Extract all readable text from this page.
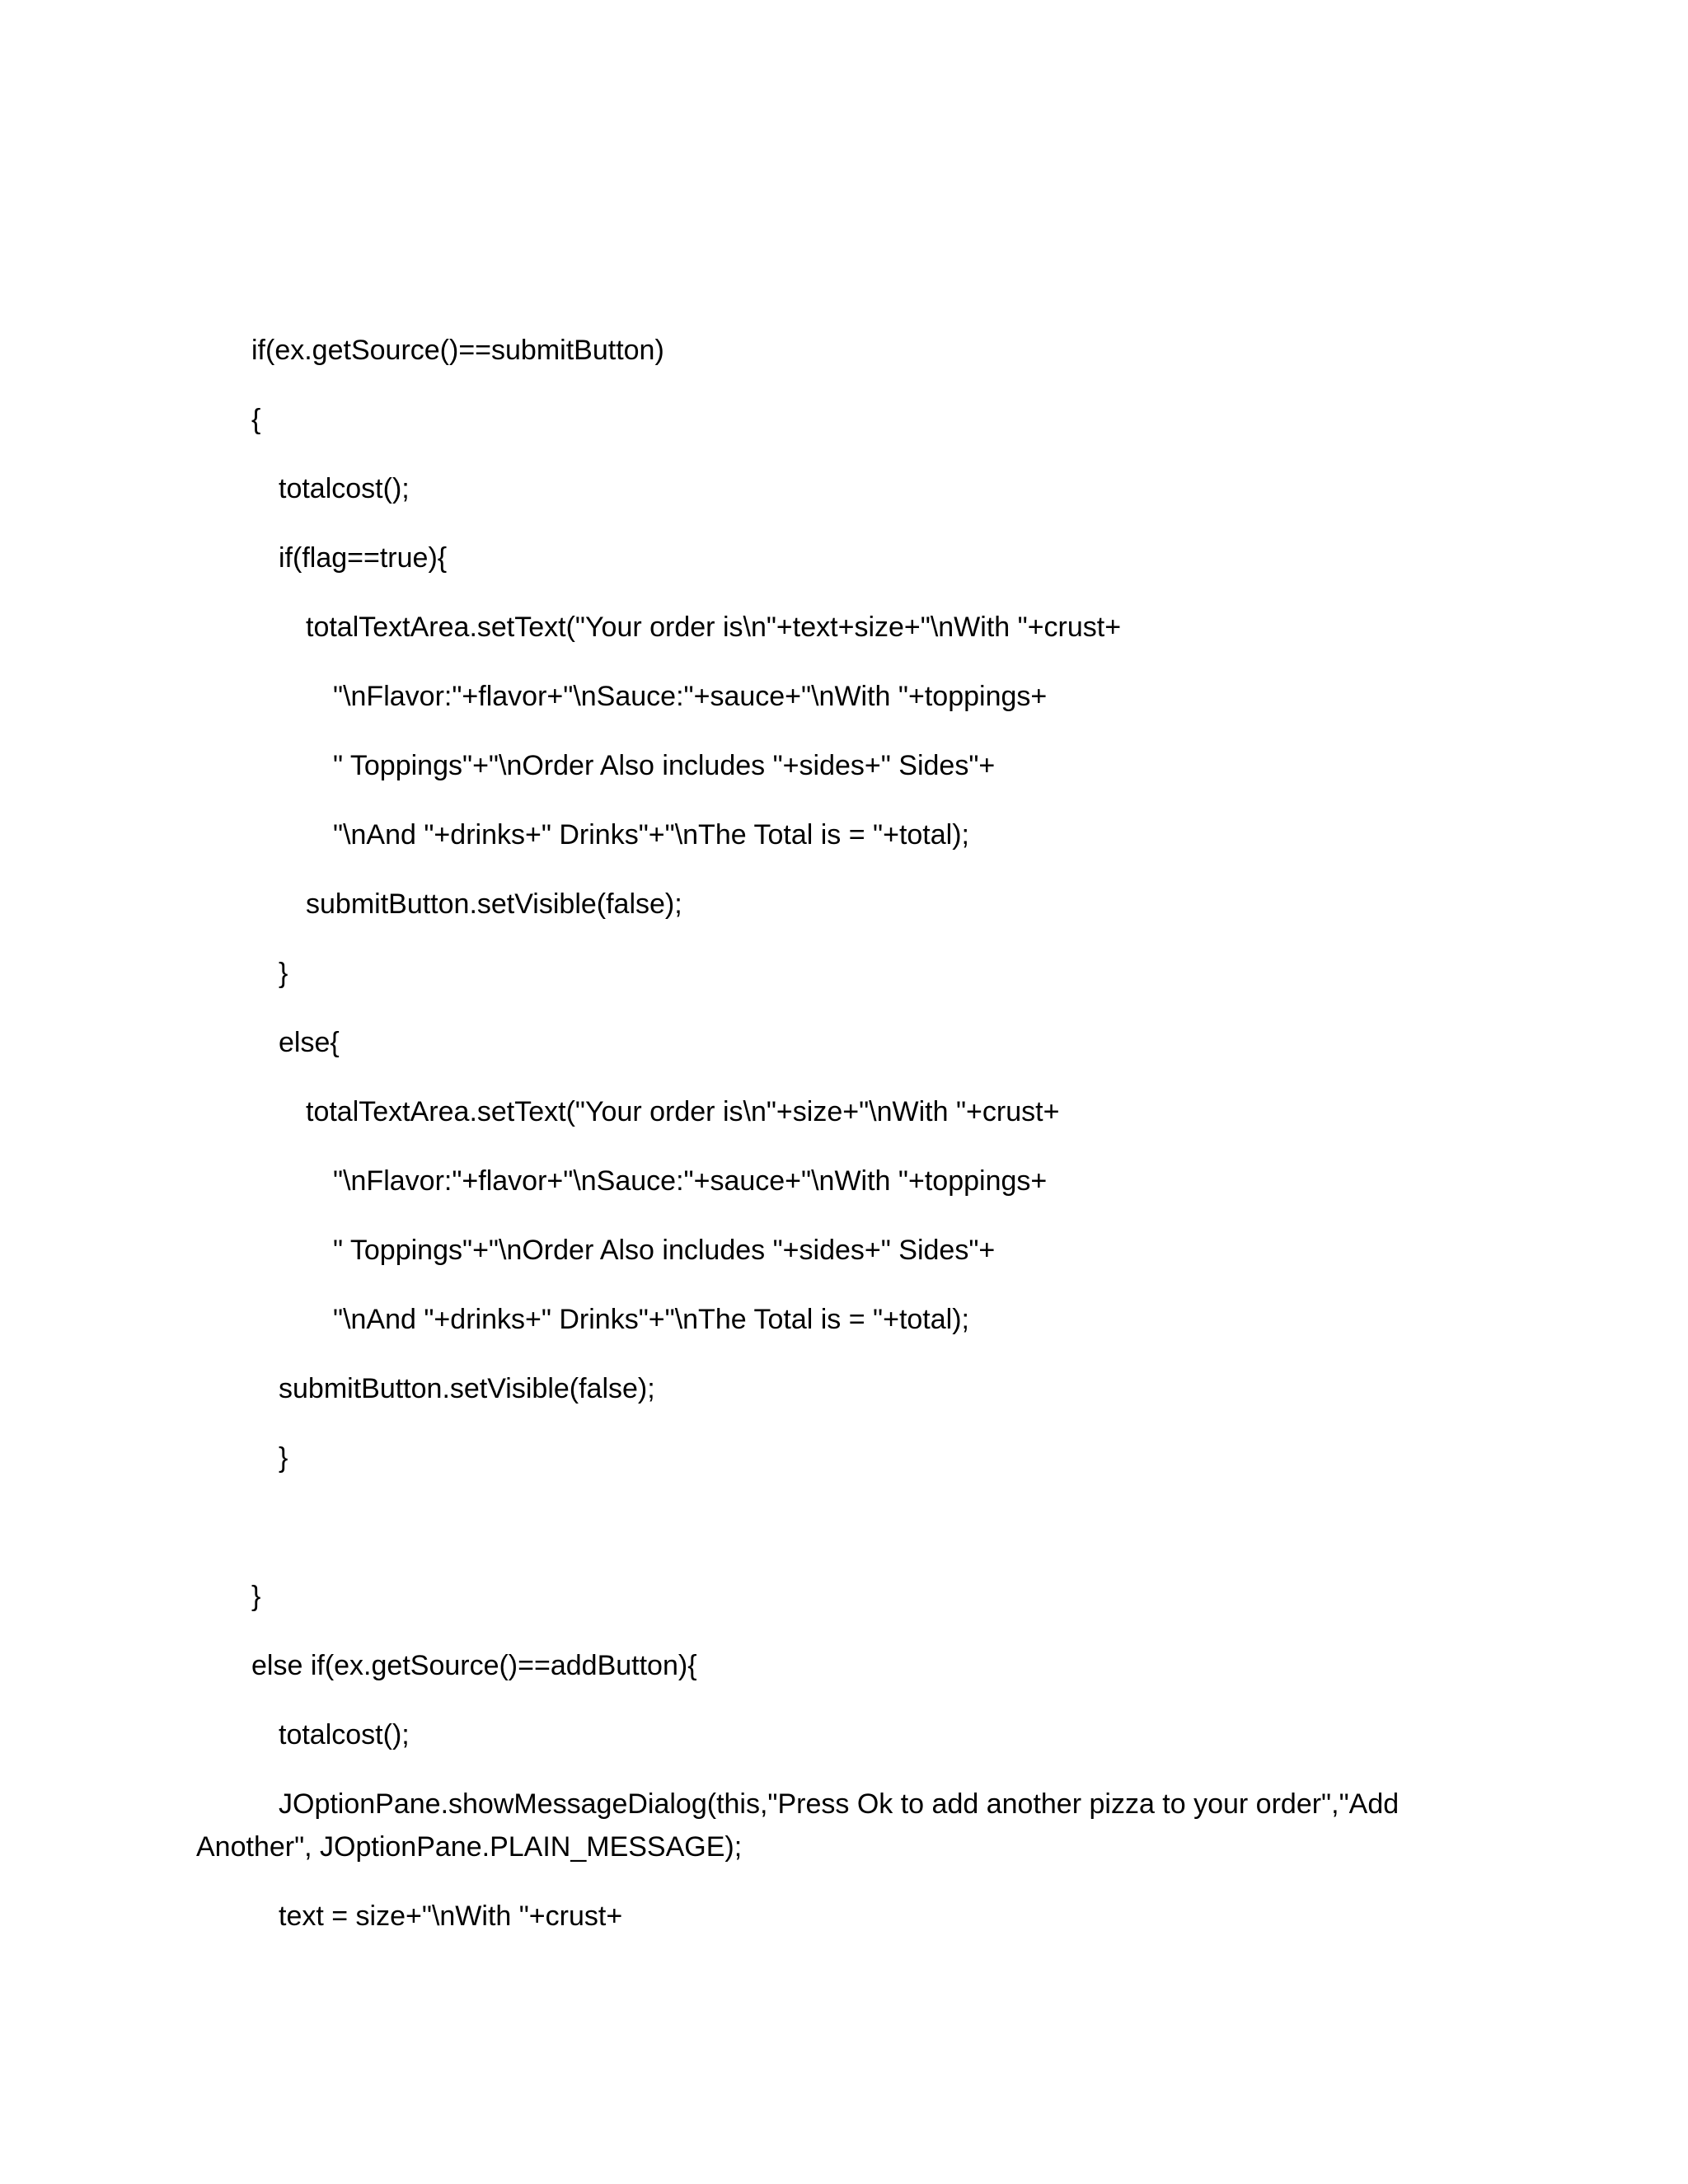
if(ex.getSource()==submitButton)
{
totalcost();
if(flag==true){
totalTextArea.setText("Your order is\n"+text+size+"\nWith "+crust+
"\nFlavor:"+flavor+"\nSauce:"+sauce+"\nWith "+toppings+
" Toppings"+"\nOrder Also includes "+sides+" Sides"+
"\nAnd "+drinks+" Drinks"+"\nThe Total is = "+total);
submitButton.setVisible(false);
}
else{
totalTextArea.setText("Your order is\n"+size+"\nWith "+crust+
"\nFlavor:"+flavor+"\nSauce:"+sauce+"\nWith "+toppings+
" Toppings"+"\nOrder Also includes "+sides+" Sides"+
"\nAnd "+drinks+" Drinks"+"\nThe Total is = "+total);
submitButton.setVisible(false);
}
}
else if(ex.getSource()==addButton){
totalcost();
JOptionPane.showMessageDialog(this,"Press Ok to add another pizza to your order","Add
Another", JOptionPane.PLAIN_MESSAGE);
text = size+"\nWith "+crust+
